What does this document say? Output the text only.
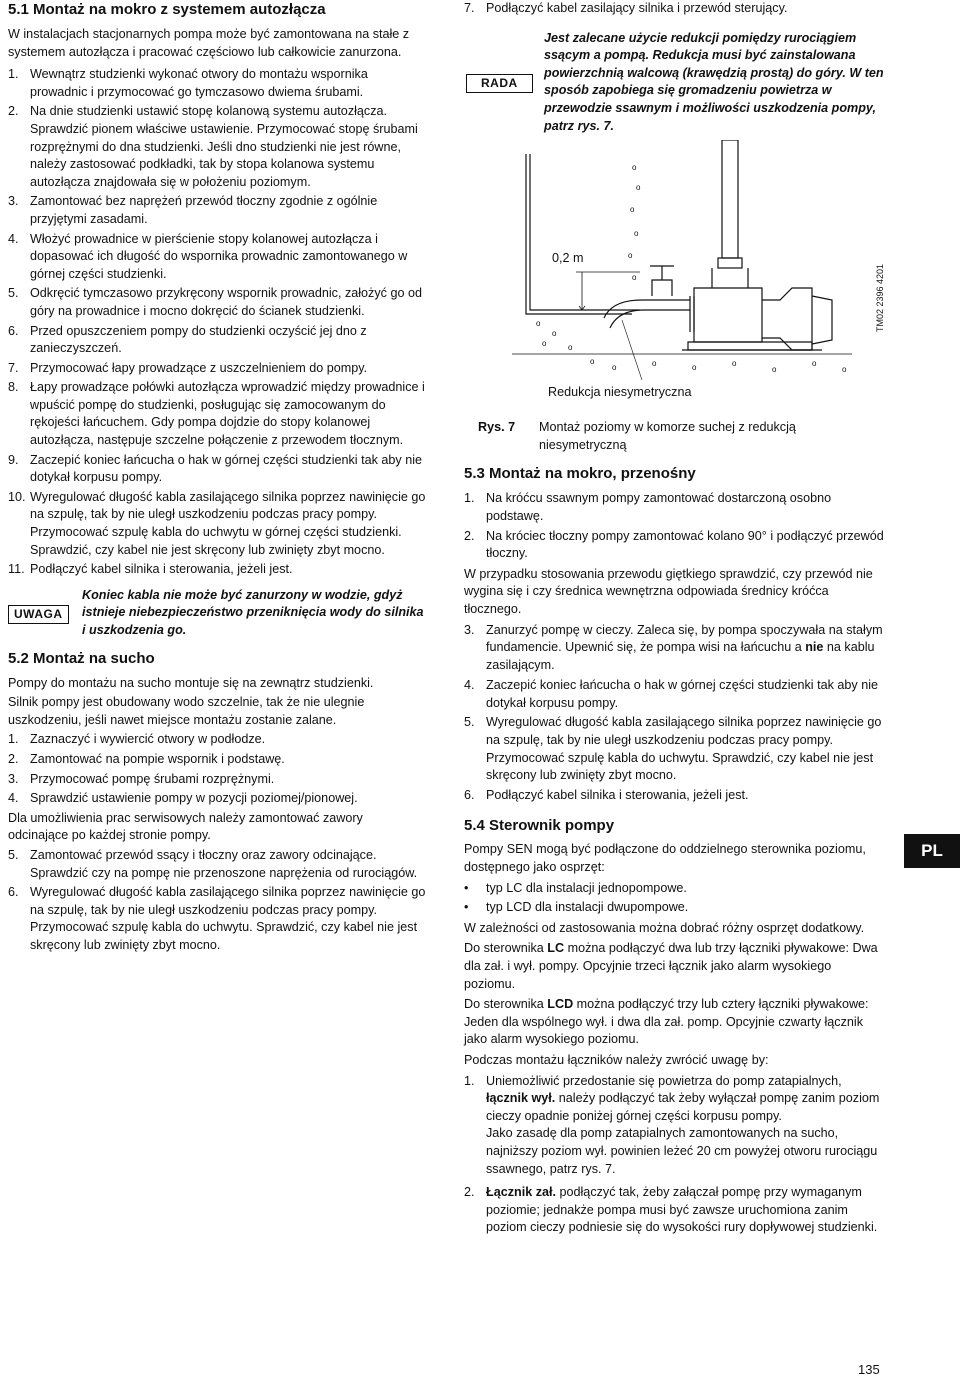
5.1 Montaż na mokro z systemem autozłącza

W instalacjach stacjonarnych pompa może być zamontowana na stałe z systemem autozłącza i pracować częściowo lub całkowicie zanurzona.

1. Wewnątrz studzienki wykonać otwory do montażu wspornika prowadnic i przymocować go tymczasowo dwiema śrubami.
2. Na dnie studzienki ustawić stopę kolanową systemu autozłącza. Sprawdzić pionem właściwe ustawienie. Przymocować stopę śrubami rozprężnymi do dna studzienki. Jeśli dno studzienki nie jest równe, należy zastosować podkładki, tak by stopa kolanowa systemu autozłącza znajdowała się w położeniu poziomym.
3. Zamontować bez naprężeń przewód tłoczny zgodnie z ogólnie przyjętymi zasadami.
4. Włożyć prowadnice w pierścienie stopy kolanowej autozłącza i dopasować ich długość do wspornika prowadnic zamontowanego w górnej części studzienki.
5. Odkręcić tymczasowo przykręcony wspornik prowadnic, założyć go od góry na prowadnice i mocno dokręcić do ścianek studzienki.
6. Przed opuszczeniem pompy do studzienki oczyścić jej dno z zanieczyszczeń.
7. Przymocować łapy prowadzące z uszczelnieniem do pompy.
8. Łapy prowadzące połówki autozłącza wprowadzić między prowadnice i wpuścić pompę do studzienki, posługując się zamocowanym do rękojeści łańcuchem. Gdy pompa dojdzie do stopy kolanowej autozłącza, następuje szczelne połączenie z przewodem tłocznym.
9. Zaczepić koniec łańcucha o hak w górnej części studzienki tak aby nie dotykał korpusu pompy.
10. Wyregulować długość kabla zasilającego silnika poprzez nawinięcie go na szpulę, tak by nie uległ uszkodzeniu podczas pracy pompy. Przymocować szpulę kabla do uchwytu w górnej części studzienki. Sprawdzić, czy kabel nie jest skręcony lub zwinięty zbyt mocno.
11. Podłączyć kabel silnika i sterowania, jeżeli jest.
UWAGA
Koniec kabla nie może być zanurzony w wodzie, gdyż istnieje niebezpieczeństwo przeniknięcia wody do silnika i uszkodzenia go.
5.2 Montaż na sucho

Pompy do montażu na sucho montuje się na zewnątrz studzienki.

Silnik pompy jest obudowany wodo szczelnie, tak że nie ulegnie uszkodzeniu, jeśli nawet miejsce montażu zostanie zalane.

1. Zaznaczyć i wywiercić otwory w podłodze.
2. Zamontować na pompie wspornik i podstawę.
3. Przymocować pompę śrubami rozprężnymi.
4. Sprawdzić ustawienie pompy w pozycji poziomej/pionowej.

Dla umożliwienia prac serwisowych należy zamontować zawory odcinające po każdej stronie pompy.

5. Zamontować przewód ssący i tłoczny oraz zawory odcinające. Sprawdzić czy na pompę nie przenoszone naprężenia od rurociągów.
6. Wyregulować długość kabla zasilającego silnika poprzez nawinięcie go na szpulę, tak by nie uległ uszkodzeniu podczas pracy pompy. Przymocować szpulę kabla do uchwytu. Sprawdzić, czy kabel nie jest skręcony lub zwinięty zbyt mocno.
7. Podłączyć kabel zasilający silnika i przewód sterujący.
RADA
Jest zalecane użycie redukcji pomiędzy rurociągiem ssącym a pompą. Redukcja musi być zainstalowana powierzchnią walcową (krawędzią prostą) do góry. W ten sposób zapobiega się gromadzeniu powietrza w przewodzie ssawnym i możliwości uszkodzenia pompy, patrz rys. 7.
Rys. 7 Montaż poziomy w komorze suchej z redukcją niesymetryczną
5.3 Montaż na mokro, przenośny
1. Na króćcu ssawnym pompy zamontować dostarczoną osobno podstawę.
2. Na króciec tłoczny pompy zamontować kolano 90° i podłączyć przewód tłoczny.

W przypadku stosowania przewodu giętkiego sprawdzić, czy przewód nie wygina się i czy średnica wewnętrzna odpowiada średnicy króćca tłocznego.

3. Zanurzyć pompę w cieczy. Zaleca się, by pompa spoczywała na stałym fundamencie. Upewnić się, że pompa wisi na łańcuchu a nie na kablu zasilającym.
4. Zaczepić koniec łańcucha o hak w górnej części studzienki tak aby nie dotykał korpusu pompy.
5. Wyregulować długość kabla zasilającego silnika poprzez nawinięcie go na szpulę, tak by nie uległ uszkodzeniu podczas pracy pompy. Przymocować szpulę kabla do uchwytu. Sprawdzić, czy kabel nie jest skręcony lub zwinięty zbyt mocno.
6. Podłączyć kabel silnika i sterowania, jeżeli jest.
5.4 Sterownik pompy

Pompy SEN mogą być podłączone do oddzielnego sterownika poziomu, dostępnego jako osprzęt:

• typ LC dla instalacji jednopompowe.
• typ LCD dla instalacji dwupompowe.

W zależności od zastosowania można dobrać różny osprzęt dodatkowy.

Do sterownika LC można podłączyć dwa lub trzy łączniki pływakowe: Dwa dla zał. i wył. pompy. Opcyjnie trzeci łącznik jako alarm wysokiego poziomu.

Do sterownika LCD można podłączyć trzy lub cztery łączniki pływakowe: Jeden dla wspólnego wył. i dwa dla zał. pomp. Opcyjnie czwarty łącznik jako alarm wysokiego poziomu.

Podczas montażu łączników należy zwrócić uwagę by:

1. Uniemożliwić przedostanie się powietrza do pomp zatapialnych, łącznik wył. należy podłączyć tak żeby wyłączał pompę zanim poziom cieczy opadnie poniżej górnej części korpusu pompy.
Jako zasadę dla pomp zatapialnych zamontowanych na sucho, najniższy poziom wył. powinien leżeć 20 cm powyżej otworu rurociągu ssawnego, patrz rys. 7.
2. Łącznik zał. podłączyć tak, żeby załączał pompę przy wymaganym poziomie; jednakże pompa musi być zawsze uruchomiona zanim poziom cieczy podniesie się do wysokości rury dopływowej studzienki.
o
o
o
o
o
o
o
o
o
o
o
o	o	o	o
o
o
o
0,2 m
Redukcja niesymetryczna
TM02 2396 4201
PL
135
